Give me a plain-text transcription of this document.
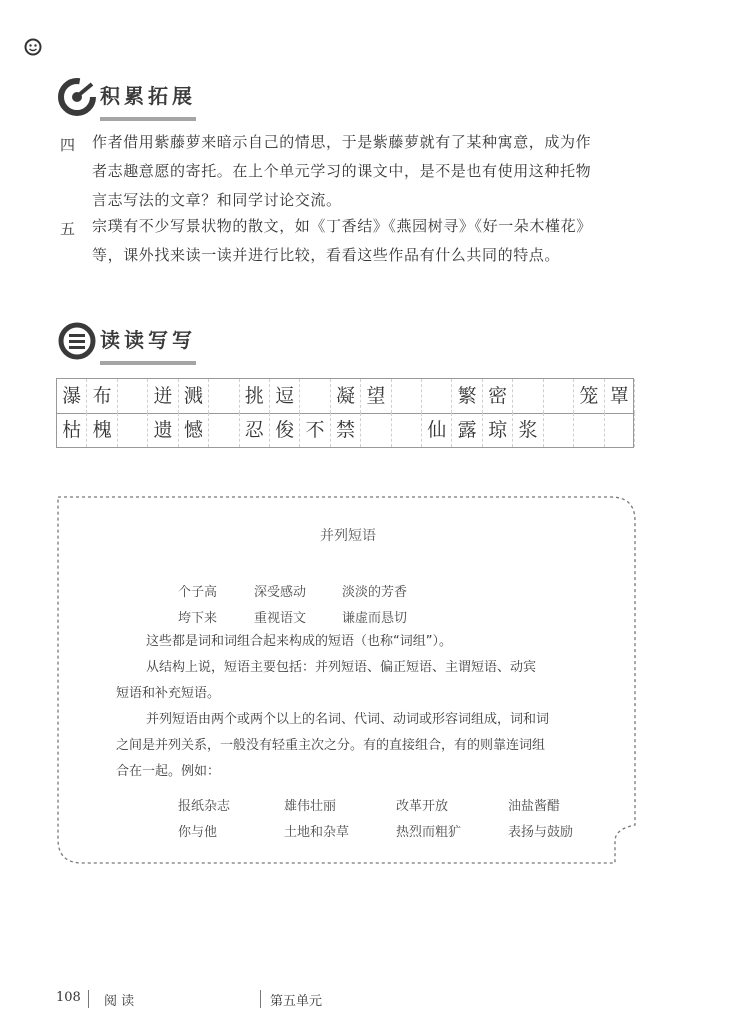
积累拓展
四 作者借用紫藤萝来暗示自己的情思，于是紫藤萝就有了某种寓意，成为作
者志趣意愿的寄托。在上个单元学习的课文中，是不是也有使用这种托物
言志写法的文章？和同学讨论交流。
五 宗璞有不少写景状物的散文，如《丁香结》《燕园树寻》《好一朵木槿花》
等，课外找来读一读并进行比较，看看这些作品有什么共同的特点。
读读写写
瀑 布	迸 溅	挑 逗	凝 望	繁 密	笼 罩
枯 槐	遗 憾	忍 俊 不 禁	仙 露 琼 浆
并列短语
个子高	深受感动	淡淡的芳香
垮下来	重视语文	谦虚而恳切
这些都是词和词组合起来构成的短语（也称“词组”）。
从结构上说，短语主要包括：并列短语、偏正短语、主谓短语、动宾
短语和补充短语。
并列短语由两个或两个以上的名词、代词、动词或形容词组成，词和词
之间是并列关系，一般没有轻重主次之分。有的直接组合，有的则靠连词组
合在一起。例如：
报纸杂志	雄伟壮丽	改革开放	油盐酱醋
你与他	土地和杂草	热烈而粗犷	表扬与鼓励
108 阅 读	第五单元
